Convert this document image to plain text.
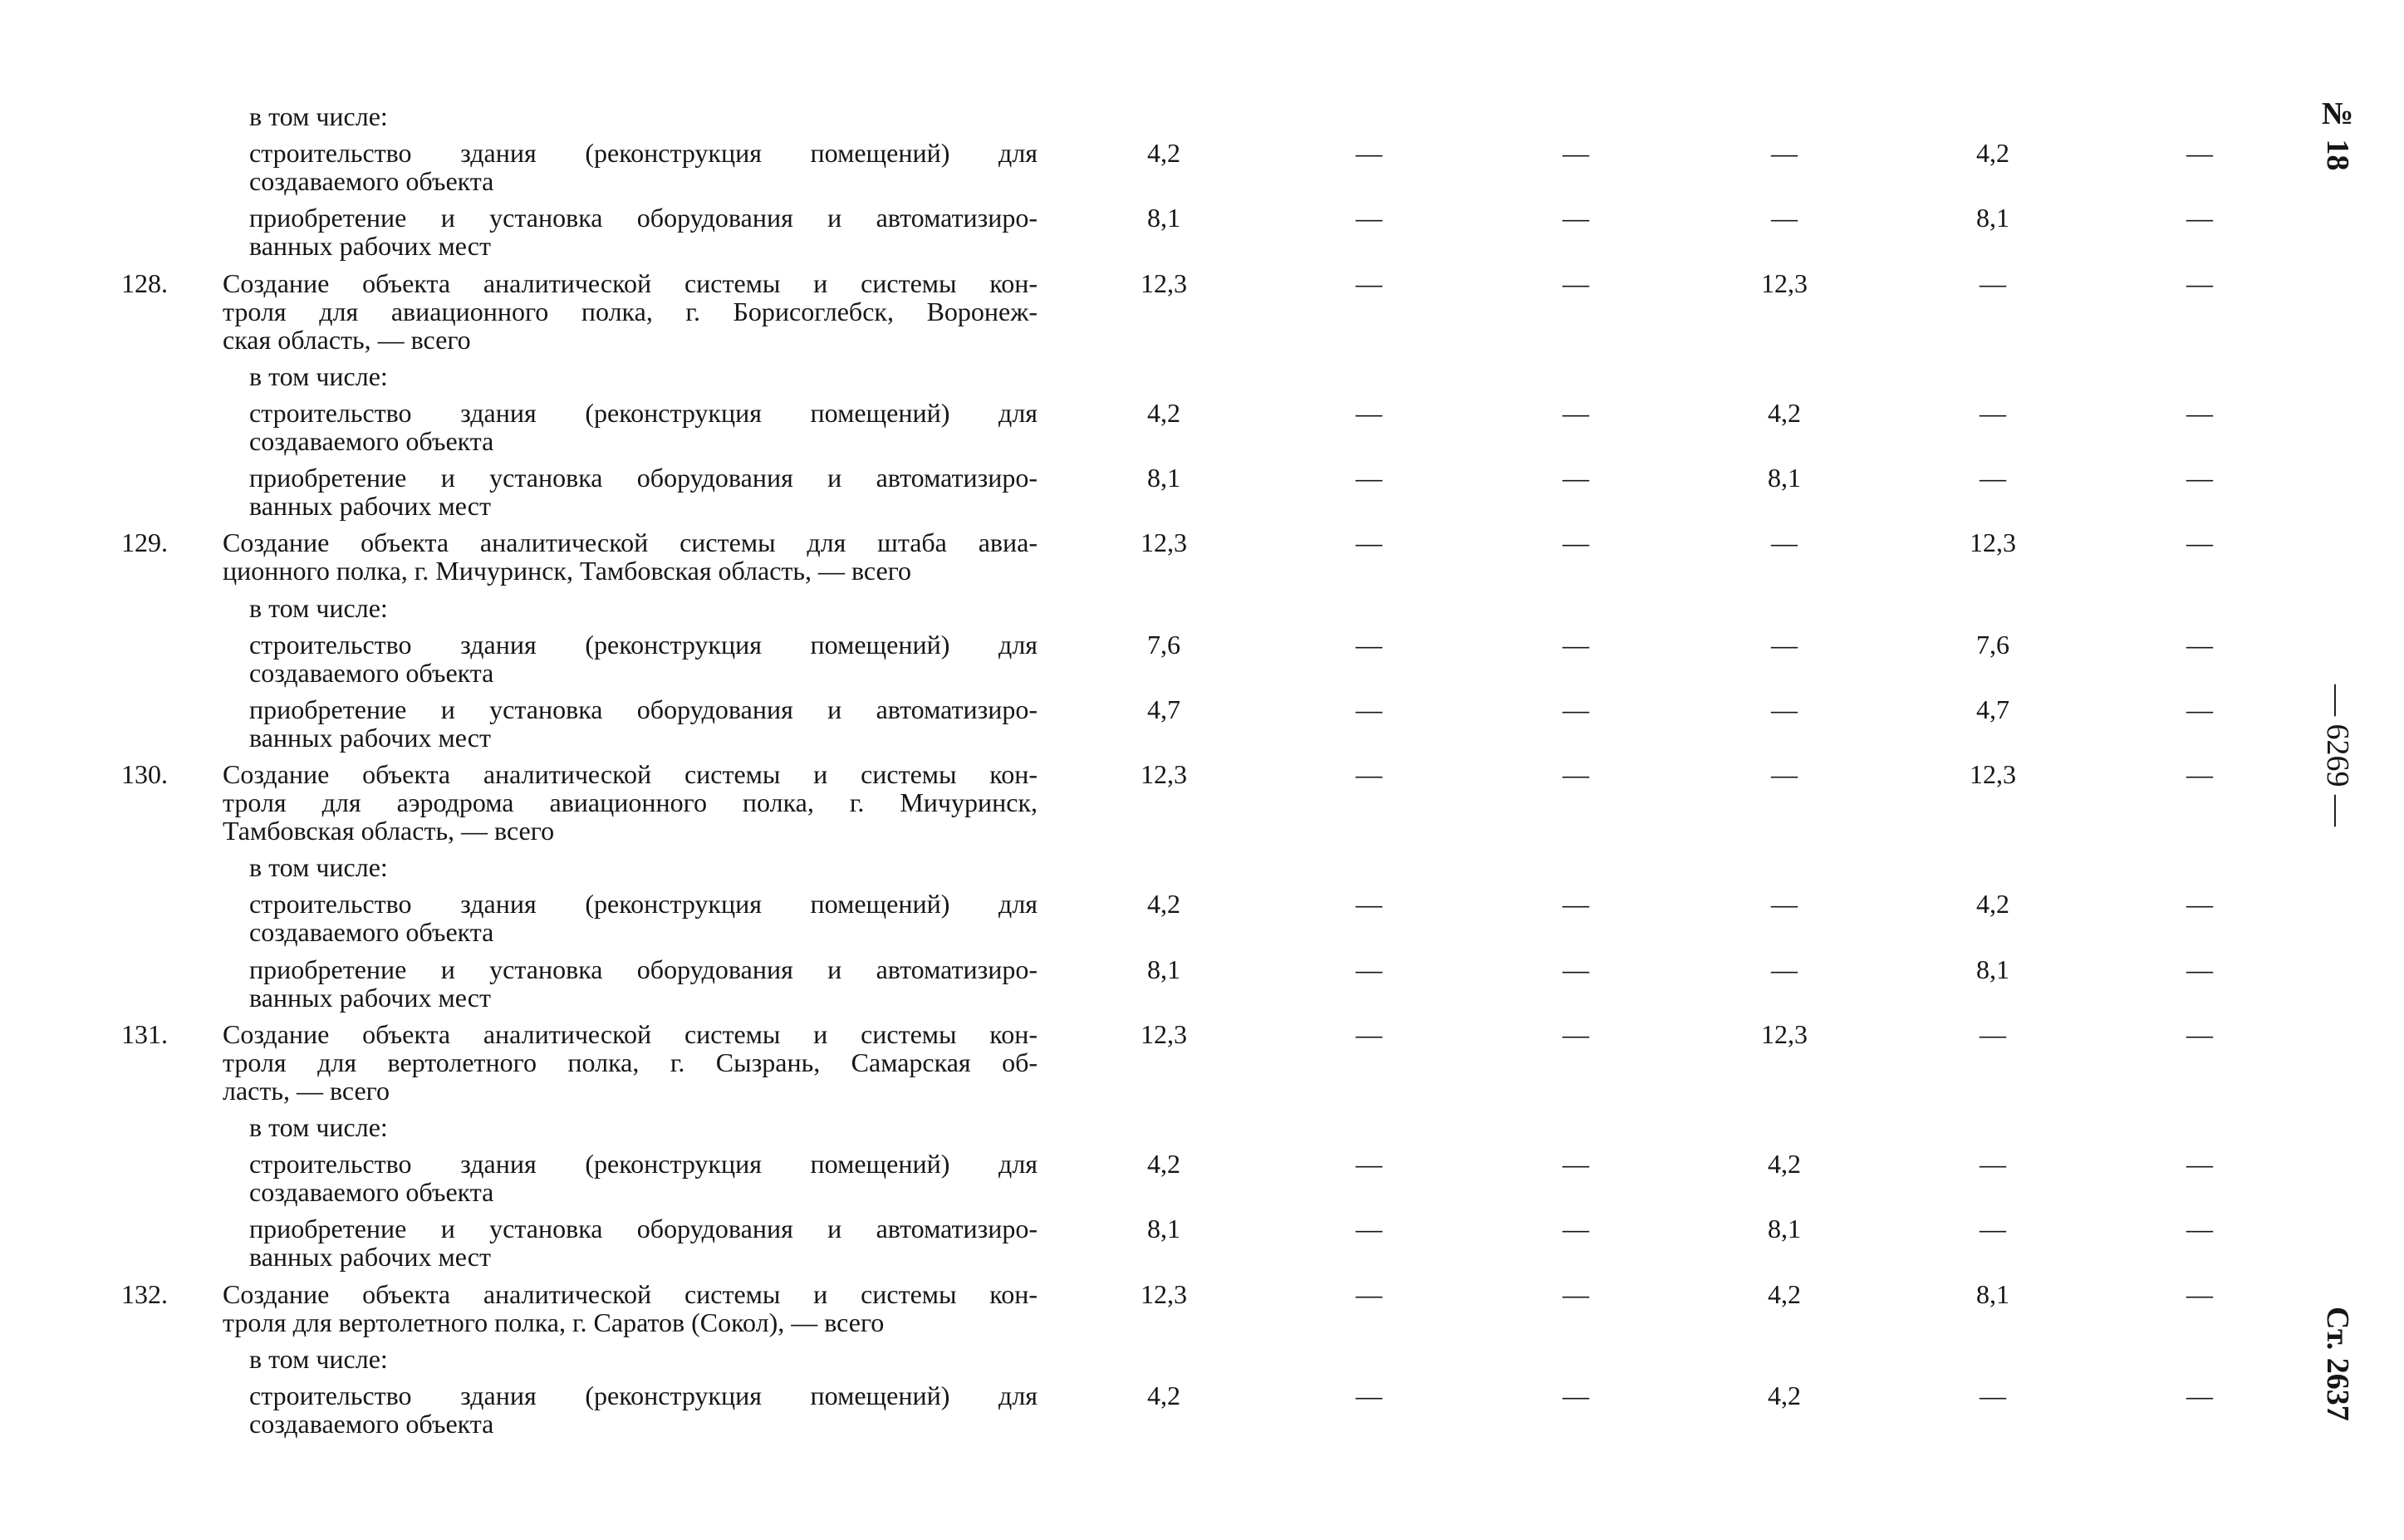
в том числе:
строительство здания (реконструкция помещений) для
создаваемого объекта
4,2	—	—	—	4,2	—
приобретение и установка оборудования и автоматизиро-
ванных рабочих мест
8,1	—	—	—	8,1	—
128. Создание объекта аналитической системы и системы кон-
троля для авиационного полка, г. Борисоглебск, Воронеж-
ская область, — всего
12,3	—	—	12,3	—	—
в том числе:
строительство здания (реконструкция помещений) для
создаваемого объекта
4,2	—	—	4,2	—	—
приобретение и установка оборудования и автоматизиро-
ванных рабочих мест
8,1	—	—	8,1	—	—
129. Создание объекта аналитической системы для штаба авиа-
ционного полка, г. Мичуринск, Тамбовская область, — всего
12,3	—	—	—	12,3	—
в том числе:
строительство здания (реконструкция помещений) для
создаваемого объекта
7,6	—	—	—	7,6	—
приобретение и установка оборудования и автоматизиро-
ванных рабочих мест
4,7	—	—	—	4,7	—
130. Создание объекта аналитической системы и системы кон-
троля для аэродрома авиационного полка, г. Мичуринск,
Тамбовская область, — всего
12,3	—	—	—	12,3	—
в том числе:
строительство здания (реконструкция помещений) для
создаваемого объекта
4,2	—	—	—	4,2	—
приобретение и установка оборудования и автоматизиро-
ванных рабочих мест
8,1	—	—	—	8,1	—
131. Создание объекта аналитической системы и системы кон-
троля для вертолетного полка, г. Сызрань, Самарская об-
ласть, — всего
12,3	—	—	12,3	—	—
в том числе:
строительство здания (реконструкция помещений) для
создаваемого объекта
4,2	—	—	4,2	—	—
приобретение и установка оборудования и автоматизиро-
ванных рабочих мест
8,1	—	—	8,1	—	—
132. Создание объекта аналитической системы и системы кон-
троля для вертолетного полка, г. Саратов (Сокол), — всего
12,3	—	—	4,2	8,1	—
в том числе:
строительство здания (реконструкция помещений) для
создаваемого объекта
4,2	—	—	4,2	—	—
№ 18
— 6269 —
Ст. 2637
